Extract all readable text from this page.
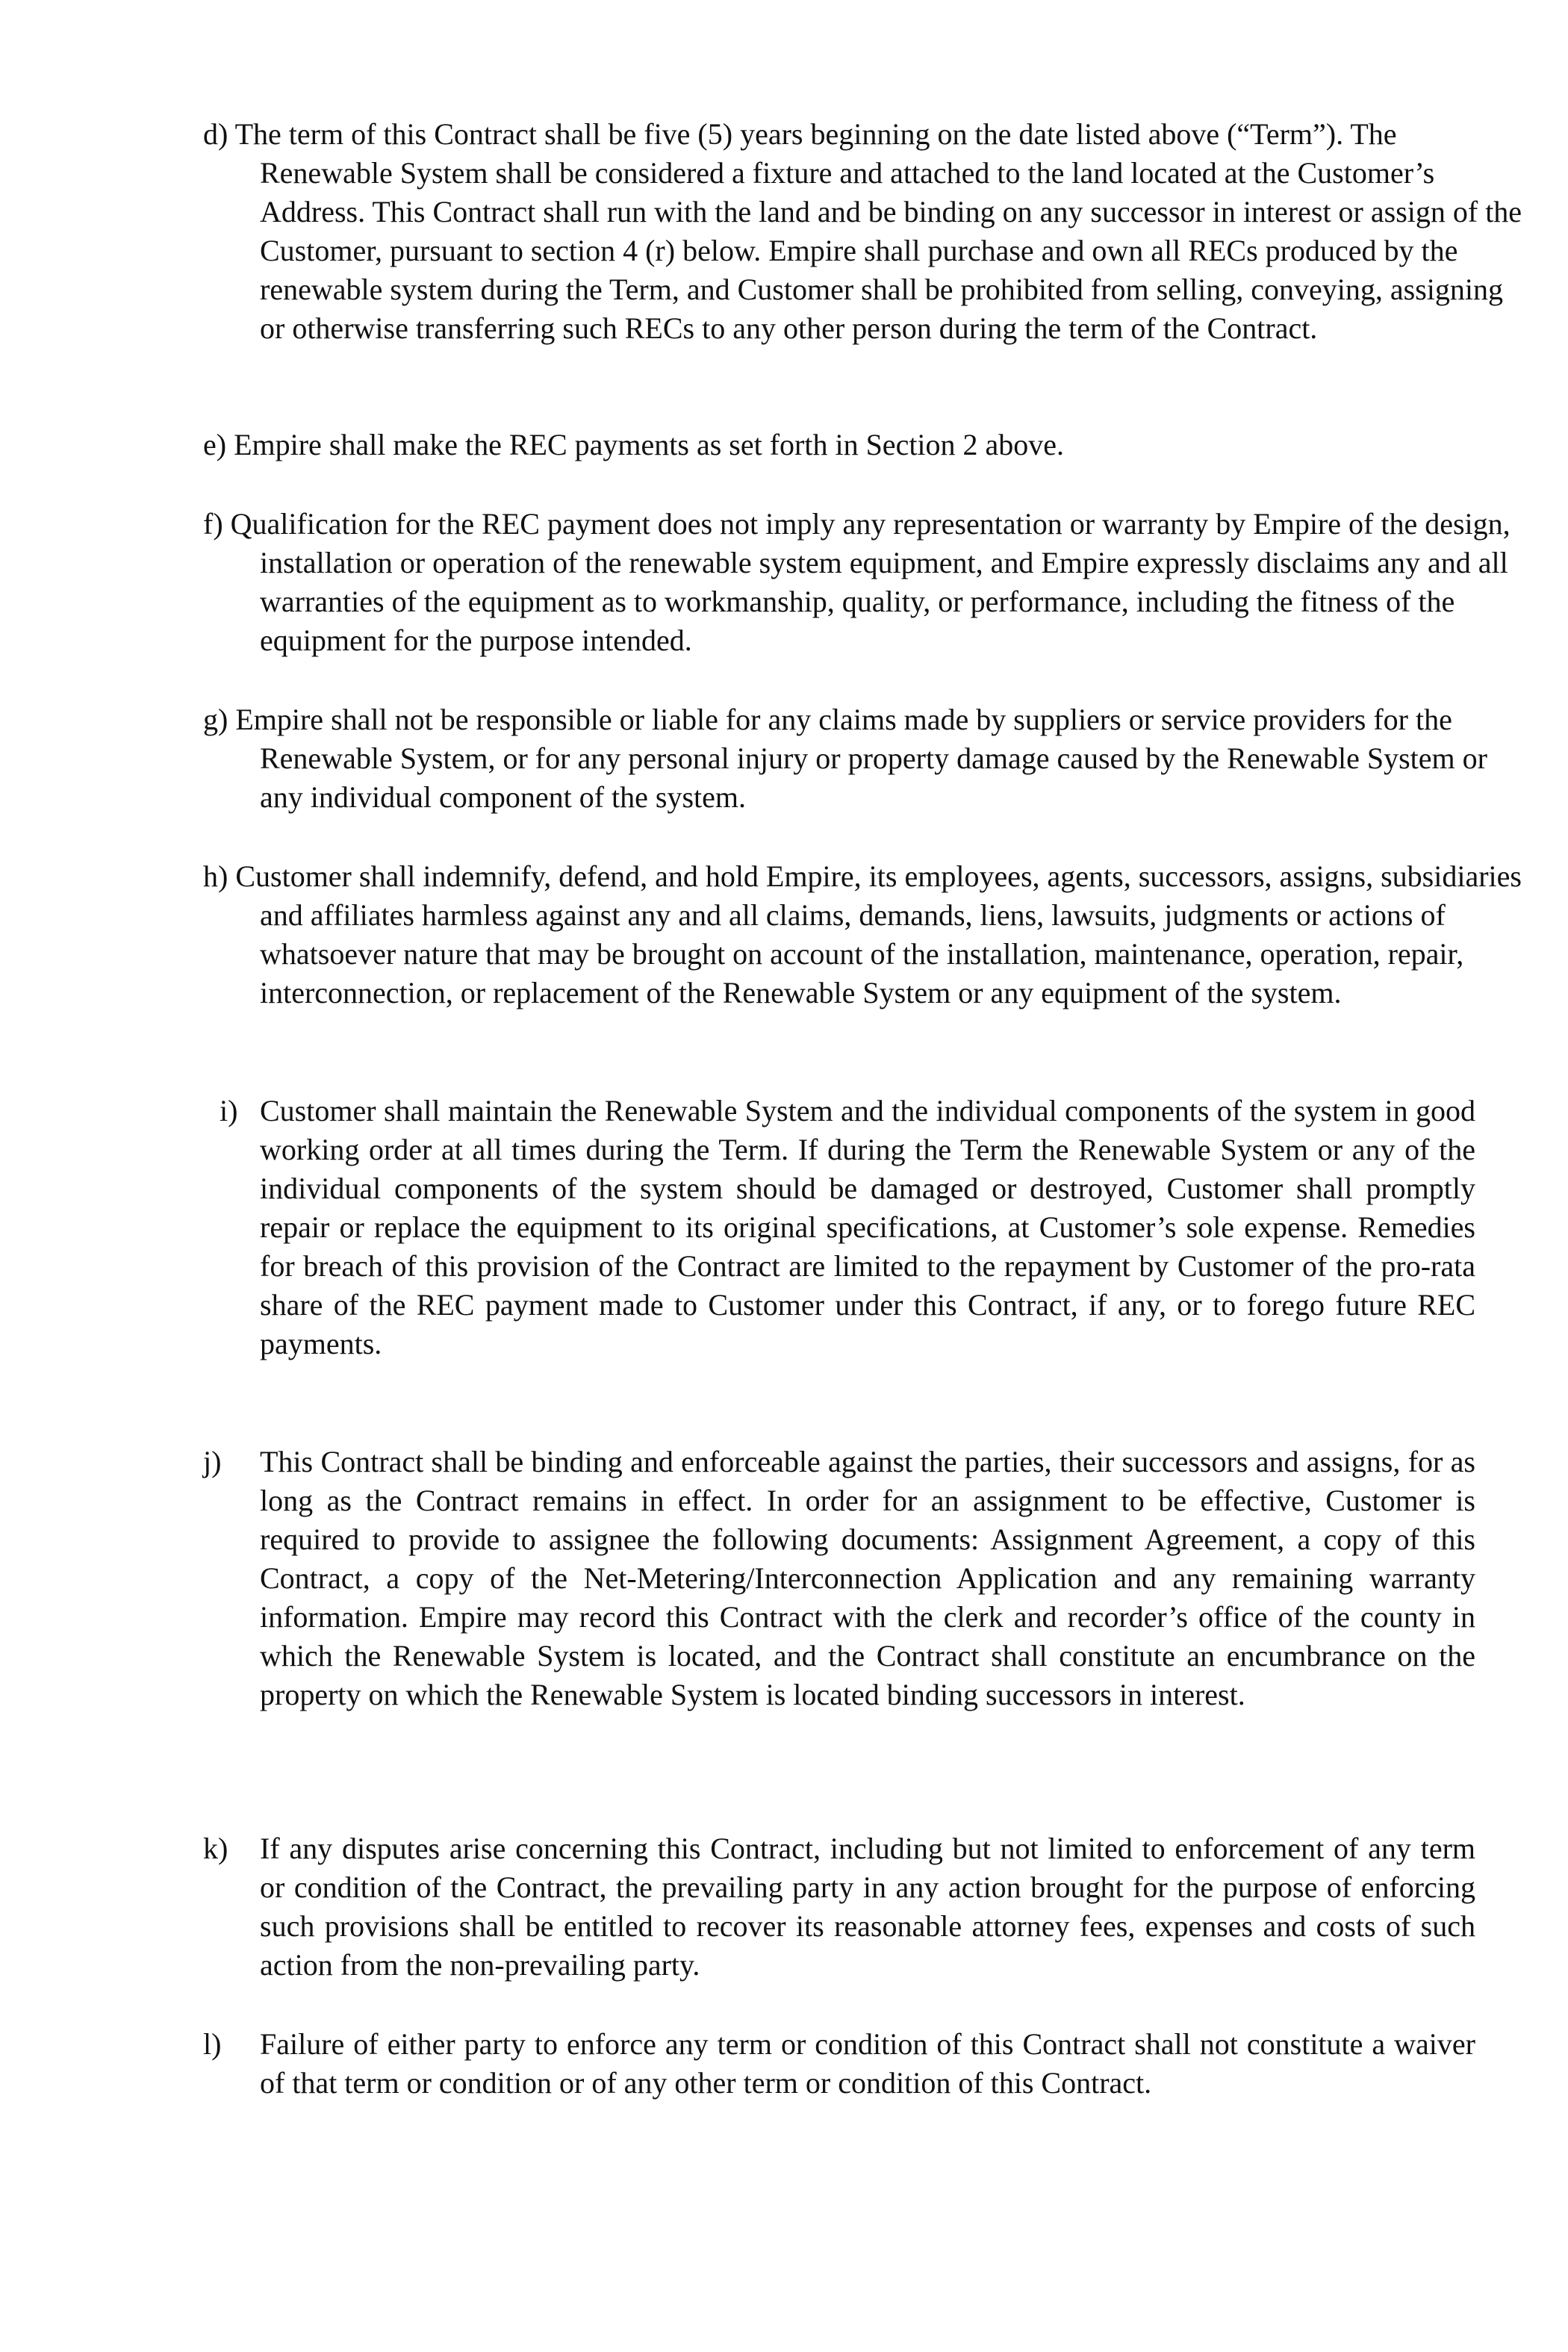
d) The term of this Contract shall be five (5) years beginning on the date listed above (“Term”). The Renewable System shall be considered a fixture and attached to the land located at the Customer’s Address. This Contract shall run with the land and be binding on any successor in interest or assign of the Customer, pursuant to section 4 (r) below. Empire shall purchase and own all RECs produced by the renewable system during the Term, and Customer shall be prohibited from selling, conveying, assigning or otherwise transferring such RECs to any other person during the term of the Contract.
e) Empire shall make the REC payments as set forth in Section 2 above.
f) Qualification for the REC payment does not imply any representation or warranty by Empire of the design, installation or operation of the renewable system equipment, and Empire expressly disclaims any and all warranties of the equipment as to workmanship, quality, or performance, including the fitness of the equipment for the purpose intended.
g) Empire shall not be responsible or liable for any claims made by suppliers or service providers for the Renewable System, or for any personal injury or property damage caused by the Renewable System or any individual component of the system.
h) Customer shall indemnify, defend, and hold Empire, its employees, agents, successors, assigns, subsidiaries and affiliates harmless against any and all claims, demands, liens, lawsuits, judgments or actions of whatsoever nature that may be brought on account of the installation, maintenance, operation, repair, interconnection, or replacement of the Renewable System or any equipment of the system.
i) Customer shall maintain the Renewable System and the individual components of the system in good working order at all times during the Term. If during the Term the Renewable System or any of the individual components of the system should be damaged or destroyed, Customer shall promptly repair or replace the equipment to its original specifications, at Customer’s sole expense. Remedies for breach of this provision of the Contract are limited to the repayment by Customer of the pro-rata share of the REC payment made to Customer under this Contract, if any, or to forego future REC payments.
j) This Contract shall be binding and enforceable against the parties, their successors and assigns, for as long as the Contract remains in effect. In order for an assignment to be effective, Customer is required to provide to assignee the following documents: Assignment Agreement, a copy of this Contract, a copy of the Net-Metering/Interconnection Application and any remaining warranty information. Empire may record this Contract with the clerk and recorder’s office of the county in which the Renewable System is located, and the Contract shall constitute an encumbrance on the property on which the Renewable System is located binding successors in interest.
k) If any disputes arise concerning this Contract, including but not limited to enforcement of any term or condition of the Contract, the prevailing party in any action brought for the purpose of enforcing such provisions shall be entitled to recover its reasonable attorney fees, expenses and costs of such action from the non-prevailing party.
l) Failure of either party to enforce any term or condition of this Contract shall not constitute a waiver of that term or condition or of any other term or condition of this Contract.
